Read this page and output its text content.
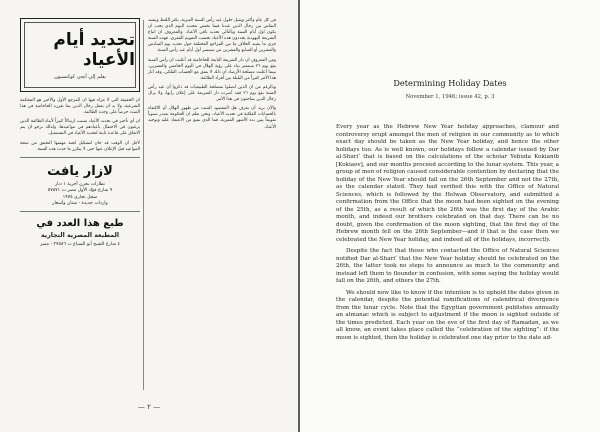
تحديد أيام الأعياد
بقلم إلي أنجي كوكبسيون

ان الحقيقة التي لا مراء فيها ان المرجع الأول والأخير هو المحكمة الشرعية، ولا بد ان يعمل رجال الدين بما تقرره الحاخامية في هذا الصدد حرصاً على وحدة الطائفة.

ان أي تأخير في تحديد الأعياد يسبب ارتباكاً كبيراً لأبناء الطائفة الذين يرغبون في الاحتفال بأعيادهم في مواعيدها، ولذلك نرجو ان يتم الاتفاق على قاعدة ثابتة لتحديد الأعياد في المستقبل.

لأجل ان الوقت قد حان لتشكيل لجنة مهمتها التحقق من صحة المواعيد قبل الإعلان عنها حتى لا يتكرر ما حدث هذه السنة.

لازار يافت
نظارات بحرن أجرية ١ دنار
٩ شارع فؤاد الأول مصر ت ٥٧٨٧١
سجل تجاري ١٩٧٥
واردات جديدة - شتان وأسعار
طبع هذا العدد في
المطبعة المصرية التجارية
٤ شارع الشيخ أبو السباع ت ٢٧٥٨٦ - مصر

في كل عام وأكثر ويقبل حلول عيد رأس السنة العبرية، يكثر اللغط ويشتد النقاش بين رجال الدين عندنا فيما يختص بتحديد اليوم الذي يجب ان يكون اول أيام السنة وبالتالي تحديد باقي الأعياد. والمعروف ان اتباع الشريعة اليهودية يحددون هذه الأعياد بحسب التقويم القمري، فهذه السنة جرى ما يشبه الخلاف ما بين المراجع المختلفة حول تحديد يوم السادس والعشرين أو السابع والعشرين من سبتمبر أول أيام عيد رأس السنة.

ومن المعروف ان دار الشريعة التابعة للحاخامية قد أعلنت ان رأس السنة يقع يوم ٢٦ سبتمبر بناء على رؤية الهلال في اليوم الخامس والعشرين، بينما أعلنت مصلحة الأرصاد ان ذلك لا يتفق مع الحساب الفلكي، وقد أثار هذا الأمر كثيراً من البلبلة بين أفراد الطائفة.

وبالرغم من ان الذين اتصلوا بمصلحة الطبيعيات قد ذكروا أن عيد رأس السنة يقع يوم ٢٦ فقد أصرت دار الشريعة على إعلان رأيها، ولا يزال رجال الدين يتباحثون في هذا الأمر.

والآن نريد أن نعرف هل المقصود التثبت من ظهور الهلال أم الاكتفاء بالحسابات الفلكية في تحديد الأعياد، ونحن نعلم ان الحكومة تصدر سنوياً تقويماً يبين بدء الأشهر القمرية، فما الذي يمنع من الاعتماد عليه وتوحيد الأعياد.

— ٢ —
Determining Holiday Dates
November 1, 1946; issue 42, p. 3

Every year as the Hebrew New Year holiday approaches, clamour and controversy erupt amongst the men of religion in our community as to which exact day should be taken as the New Year holiday, and hence the other holidays too. As is well known, our holidays follow a calendar issued by Dar al-Shari‘ that is based on the calculations of the scholar Yehuda Kokianib [Kokiaov], and our months proceed according to the lunar system. This year, a group of men of religion caused considerable contention by declaring that the holiday of the New Year should fall on the 26th September and not the 27th, as the calendar stated. They had verified this with the Office of Natural Sciences, which is followed by the Helwan Observatory, and submitted a confirmation from the Office that the moon had been sighted on the evening of the 25th, as a result of which the 26th was the first day of the Arabic month, and indeed our brothers celebrated on that day. There can be no doubt, given the confirmation of the moon sighting, that the first day of the Hebrew month fell on the 26th September—and if that is the case then we celebrated the New Year holiday, and indeed all of the holidays, incorrectly.

Despite the fact that those who contacted the Office of Natural Sciences notified Dar al-Shari‘ that the New Year holiday should be celebrated on the 26th, the latter took no steps to announce as much to the community and instead left them to flounder in confusion, with some saying the holiday would fall on the 26th, and others the 27th.

We should now like to know if the intention is to uphold the dates given in the calendar, despite the potential ramifications of calendrical divergence from the lunar cycle. Note that the Egyptian government publishes annually an almanac which is subject to adjustment if the moon is sighted outside of the times predicted. Each year on the eve of the first day of Ramadan, as we all know, an event takes place called the “celebration of the sighting”: if the moon is sighted, then the holiday is celebrated one day prior to the date ad-
